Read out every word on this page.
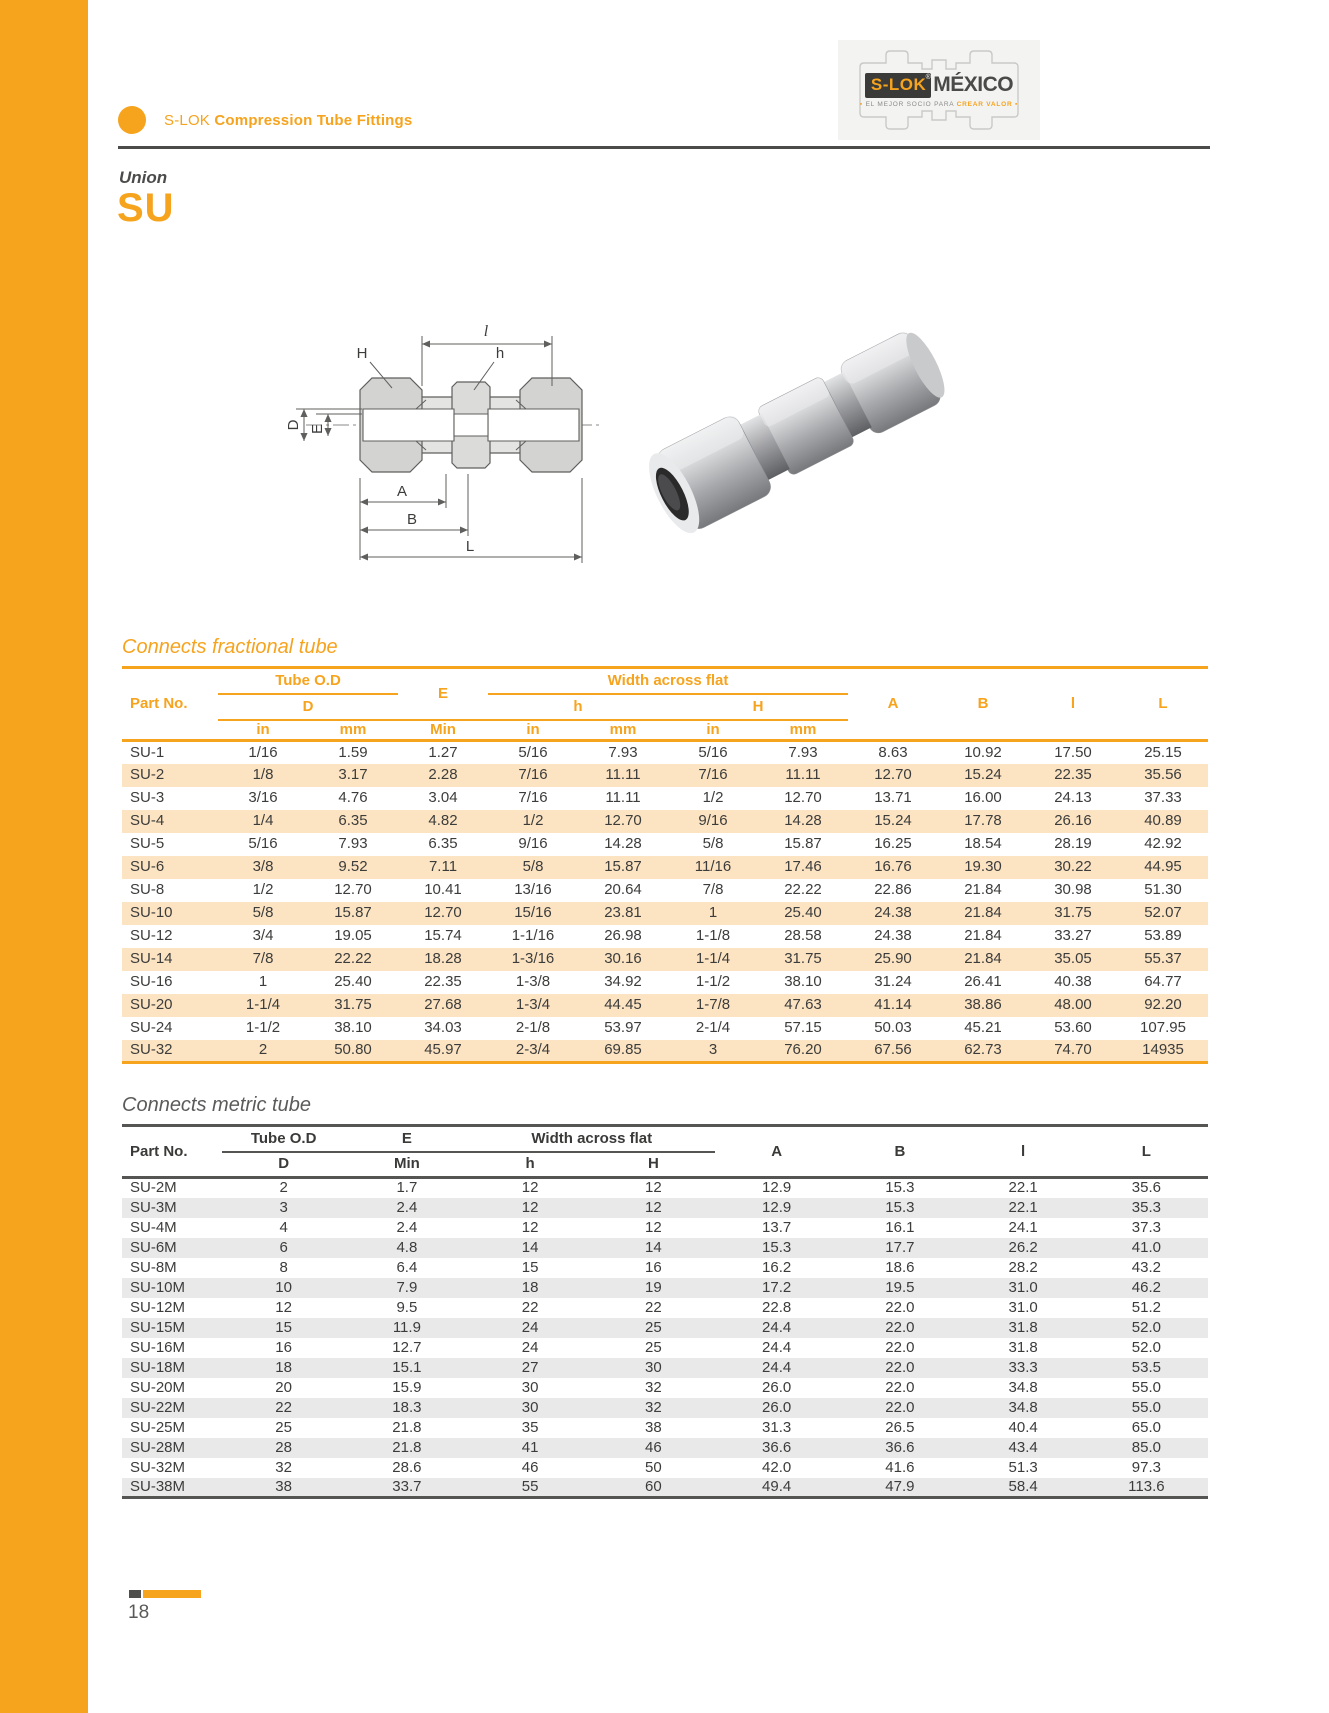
S-LOK Compression Tube Fittings
S-LOK ® MÉXICO
▪ EL MEJOR SOCIO PARA CREAR VALOR ▪
Union
SU
l
H	h
D E
A
B
L
Connects fractional tube
Part No.	Tube O.D		E	Width across flat				A	B	l	L
	D			h		H					
	in	mm	Min	in	mm	in	mm				
SU-1	1/16	1.59	1.27	5/16	7.93	5/16	7.93	8.63	10.92	17.50	25.15
SU-2	1/8	3.17	2.28	7/16	11.11	7/16	11.11	12.70	15.24	22.35	35.56
SU-3	3/16	4.76	3.04	7/16	11.11	1/2	12.70	13.71	16.00	24.13	37.33
SU-4	1/4	6.35	4.82	1/2	12.70	9/16	14.28	15.24	17.78	26.16	40.89
SU-5	5/16	7.93	6.35	9/16	14.28	5/8	15.87	16.25	18.54	28.19	42.92
SU-6	3/8	9.52	7.11	5/8	15.87	11/16	17.46	16.76	19.30	30.22	44.95
SU-8	1/2	12.70	10.41	13/16	20.64	7/8	22.22	22.86	21.84	30.98	51.30
SU-10	5/8	15.87	12.70	15/16	23.81	1	25.40	24.38	21.84	31.75	52.07
SU-12	3/4	19.05	15.74	1-1/16	26.98	1-1/8	28.58	24.38	21.84	33.27	53.89
SU-14	7/8	22.22	18.28	1-3/16	30.16	1-1/4	31.75	25.90	21.84	35.05	55.37
SU-16	1	25.40	22.35	1-3/8	34.92	1-1/2	38.10	31.24	26.41	40.38	64.77
SU-20	1-1/4	31.75	27.68	1-3/4	44.45	1-7/8	47.63	41.14	38.86	48.00	92.20
SU-24	1-1/2	38.10	34.03	2-1/8	53.97	2-1/4	57.15	50.03	45.21	53.60	107.95
SU-32	2	50.80	45.97	2-3/4	69.85	3	76.20	67.56	62.73	74.70	14935
Connects metric tube
Part No.	Tube O.D	E	Width across flat		A	B	l	L
	D	Min	h	H				
SU-2M	2	1.7	12	12	12.9	15.3	22.1	35.6
SU-3M	3	2.4	12	12	12.9	15.3	22.1	35.3
SU-4M	4	2.4	12	12	13.7	16.1	24.1	37.3
SU-6M	6	4.8	14	14	15.3	17.7	26.2	41.0
SU-8M	8	6.4	15	16	16.2	18.6	28.2	43.2
SU-10M	10	7.9	18	19	17.2	19.5	31.0	46.2
SU-12M	12	9.5	22	22	22.8	22.0	31.0	51.2
SU-15M	15	11.9	24	25	24.4	22.0	31.8	52.0
SU-16M	16	12.7	24	25	24.4	22.0	31.8	52.0
SU-18M	18	15.1	27	30	24.4	22.0	33.3	53.5
SU-20M	20	15.9	30	32	26.0	22.0	34.8	55.0
SU-22M	22	18.3	30	32	26.0	22.0	34.8	55.0
SU-25M	25	21.8	35	38	31.3	26.5	40.4	65.0
SU-28M	28	21.8	41	46	36.6	36.6	43.4	85.0
SU-32M	32	28.6	46	50	42.0	41.6	51.3	97.3
SU-38M	38	33.7	55	60	49.4	47.9	58.4	113.6
18
